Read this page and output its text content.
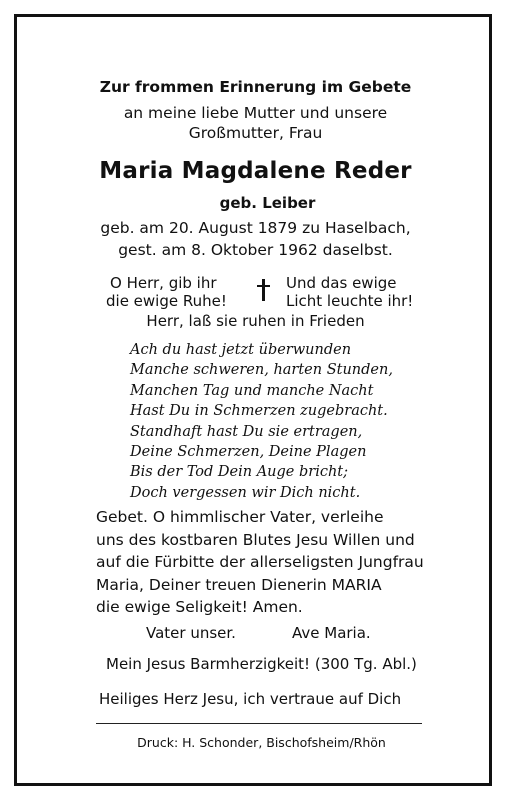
Zur frommen Erinnerung im Gebete
an meine liebe Mutter und unsere
Großmutter, Frau
Maria Magdalene Reder
geb. Leiber
geb. am 20. August 1879 zu Haselbach,
gest. am 8. Oktober 1962 daselbst.
O Herr, gib ihr
die ewige Ruhe!
Und das ewige
Licht leuchte ihr!
Herr, laß sie ruhen in Frieden
Ach du hast jetzt überwunden
Manche schweren, harten Stunden,
Manchen Tag und manche Nacht
Hast Du in Schmerzen zugebracht.
Standhaft hast Du sie ertragen,
Deine Schmerzen, Deine Plagen
Bis der Tod Dein Auge bricht;
Doch vergessen wir Dich nicht.
Gebet. O himmlischer Vater, verleihe
uns des kostbaren Blutes Jesu Willen und
auf die Fürbitte der allerseligsten Jungfrau
Maria, Deiner treuen Dienerin MARIA
die ewige Seligkeit! Amen.
Vater unser.	Ave Maria.
Mein Jesus Barmherzigkeit! (300 Tg. Abl.)
Heiliges Herz Jesu, ich vertraue auf Dich
Druck: H. Schonder, Bischofsheim/Rhön
